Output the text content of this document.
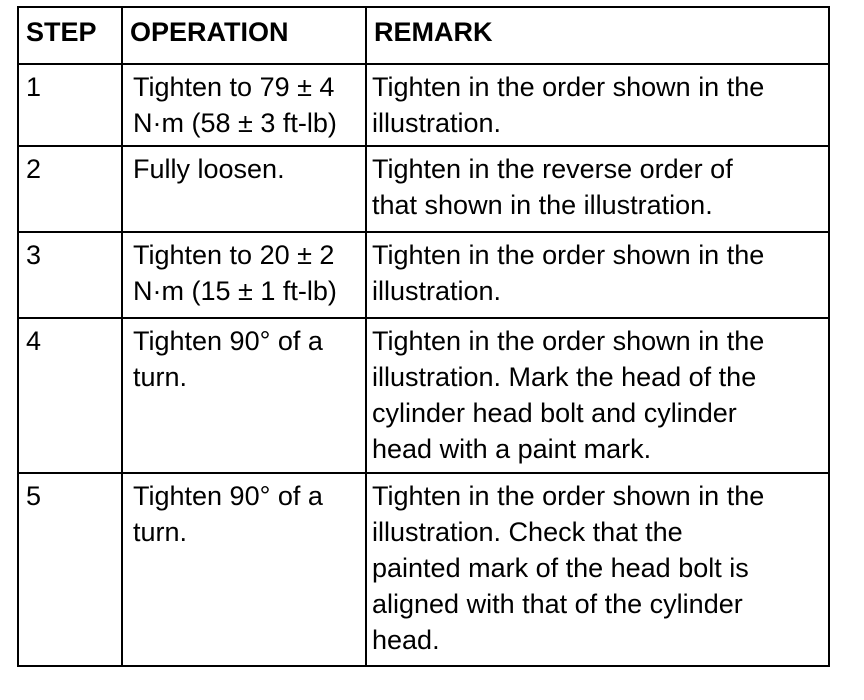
STEP	OPERATION	REMARK
1	Tighten to 79 ± 4
N·m (58 ± 3 ft-lb)	Tighten in the order shown in the
illustration.

2	Fully loosen.	Tighten in the reverse order of
that shown in the illustration.

3	Tighten to 20 ± 2
N·m (15 ± 1 ft-lb)	Tighten in the order shown in the
illustration.

4	Tighten 90° of a
turn.	Tighten in the order shown in the
illustration. Mark the head of the
cylinder head bolt and cylinder
head with a paint mark.

5	Tighten 90° of a
turn.	Tighten in the order shown in the
illustration. Check that the
painted mark of the head bolt is
aligned with that of the cylinder
head.
